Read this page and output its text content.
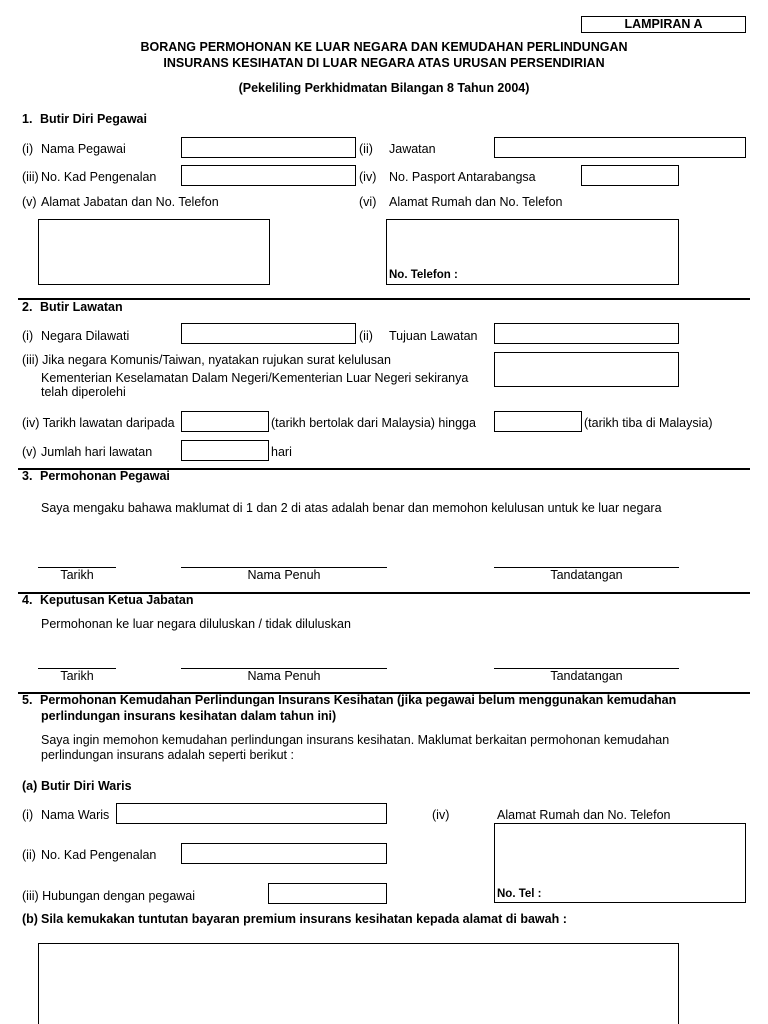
LAMPIRAN A
BORANG PERMOHONAN KE LUAR NEGARA DAN KEMUDAHAN PERLINDUNGAN
INSURANS KESIHATAN DI LUAR NEGARA ATAS URUSAN PERSENDIRIAN
(Pekeliling Perkhidmatan Bilangan 8 Tahun 2004)
1. Butir Diri Pegawai
(i) Nama Pegawai	(ii) Jawatan
(iii) No. Kad Pengenalan	(iv) No. Pasport Antarabangsa
(v) Alamat Jabatan dan No. Telefon	(vi) Alamat Rumah dan No. Telefon
No. Telefon :
2. Butir Lawatan
(i) Negara Dilawati	(ii) Tujuan Lawatan
(iii) Jika negara Komunis/Taiwan, nyatakan rujukan surat kelulusan
Kementerian Keselamatan Dalam Negeri/Kementerian Luar Negeri sekiranya
telah diperolehi
(iv) Tarikh lawatan daripada	(tarikh bertolak dari Malaysia) hingga	(tarikh tiba di Malaysia)
(v) Jumlah hari lawatan	hari
3. Permohonan Pegawai
Saya mengaku bahawa maklumat di 1 dan 2 di atas adalah benar dan memohon kelulusan untuk ke luar negara
Tarikh	Nama Penuh	Tandatangan
4. Keputusan Ketua Jabatan
Permohonan ke luar negara diluluskan / tidak diluluskan
Tarikh	Nama Penuh	Tandatangan
5. Permohonan Kemudahan Perlindungan Insurans Kesihatan (jika pegawai belum menggunakan kemudahan
perlindungan insurans kesihatan dalam tahun ini)
Saya ingin memohon kemudahan perlindungan insurans kesihatan. Maklumat berkaitan permohonan kemudahan
perlindungan insurans adalah seperti berikut :
(a) Butir Diri Waris
(i) Nama Waris	(iv)	Alamat Rumah dan No. Telefon
No. Tel :
(ii) No. Kad Pengenalan
(iii) Hubungan dengan pegawai
(b) Sila kemukakan tuntutan bayaran premium insurans kesihatan kepada alamat di bawah :
